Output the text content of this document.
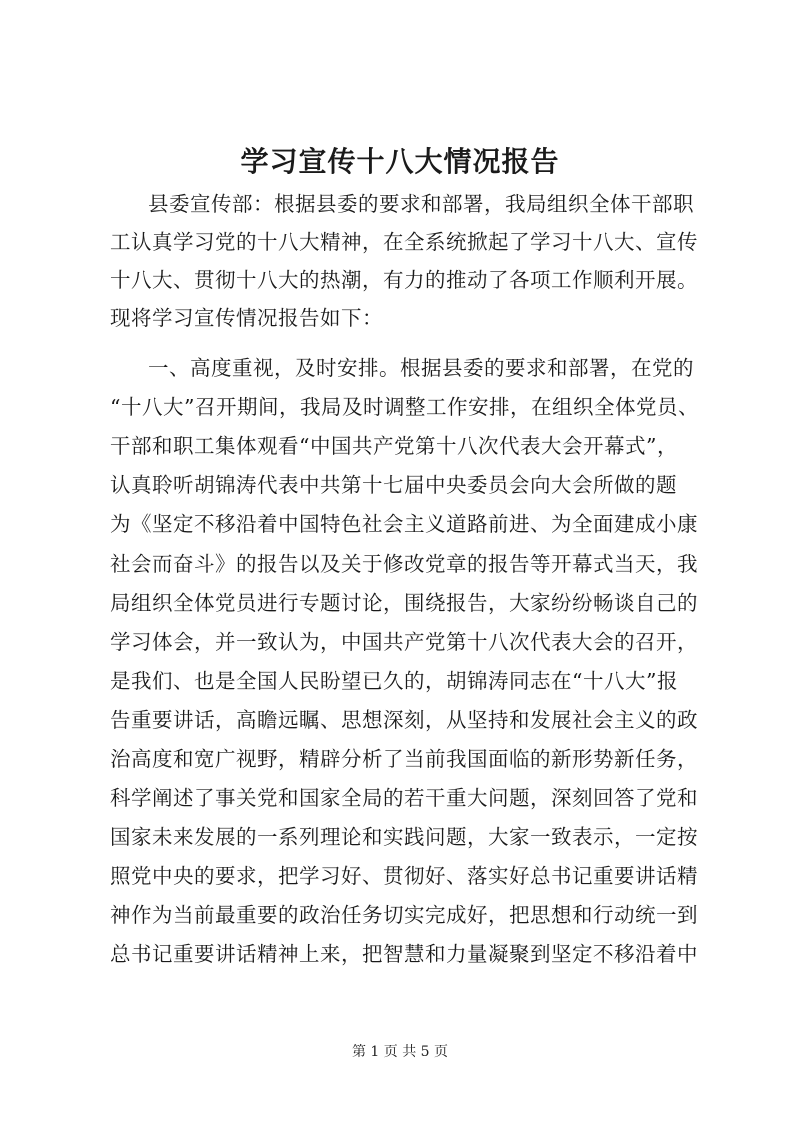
学习宣传十八大情况报告
县委宣传部：根据县委的要求和部署，我局组织全体干部职
工认真学习党的十八大精神，在全系统掀起了学习十八大、宣传
十八大、贯彻十八大的热潮，有力的推动了各项工作顺利开展。
现将学习宣传情况报告如下：
一、高度重视，及时安排。根据县委的要求和部署，在党的
“十八大”召开期间，我局及时调整工作安排，在组织全体党员、
干部和职工集体观看“中国共产党第十八次代表大会开幕式”，
认真聆听胡锦涛代表中共第十七届中央委员会向大会所做的题
为《坚定不移沿着中国特色社会主义道路前进、为全面建成小康
社会而奋斗》的报告以及关于修改党章的报告等开幕式当天，我
局组织全体党员进行专题讨论，围绕报告，大家纷纷畅谈自己的
学习体会，并一致认为，中国共产党第十八次代表大会的召开，
是我们、也是全国人民盼望已久的，胡锦涛同志在“十八大”报
告重要讲话，高瞻远瞩、思想深刻，从坚持和发展社会主义的政
治高度和宽广视野，精辟分析了当前我国面临的新形势新任务，
科学阐述了事关党和国家全局的若干重大问题，深刻回答了党和
国家未来发展的一系列理论和实践问题，大家一致表示，一定按
照党中央的要求，把学习好、贯彻好、落实好总书记重要讲话精
神作为当前最重要的政治任务切实完成好，把思想和行动统一到
总书记重要讲话精神上来，把智慧和力量凝聚到坚定不移沿着中
第 1 页 共 5 页
